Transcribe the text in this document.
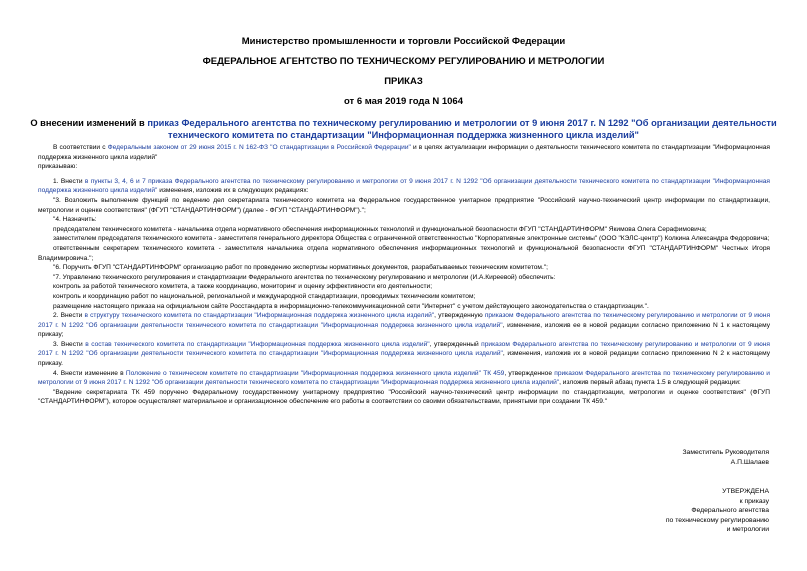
Министерство промышленности и торговли Российской Федерации
ФЕДЕРАЛЬНОЕ АГЕНТСТВО ПО ТЕХНИЧЕСКОМУ РЕГУЛИРОВАНИЮ И МЕТРОЛОГИИ
ПРИКАЗ
от 6 мая 2019 года N 1064
О внесении изменений в приказ Федерального агентства по техническому регулированию и метрологии от 9 июня 2017 г. N 1292 "Об организации деятельности технического комитета по стандартизации "Информационная поддержка жизненного цикла изделий"

В соответствии с Федеральным законом от 29 июня 2015 г. N 162-ФЗ "О стандартизации в Российской Федерации" и в целях актуализации информации о деятельности технического комитета по стандартизации "Информационная поддержка жизненного цикла изделий"

приказываю:

1. Внести в пункты 3, 4, 6 и 7 приказа Федерального агентства по техническому регулированию и метрологии от 9 июня 2017 г. N 1292 "Об организации деятельности технического комитета по стандартизации "Информационная поддержка жизненного цикла изделий" изменения, изложив их в следующих редакциях:

"3. Возложить выполнение функций по ведению дел секретариата технического комитета на Федеральное государственное унитарное предприятие "Российский научно-технический центр информации по стандартизации, метрологии и оценке соответствия" (ФГУП "СТАНДАРТИНФОРМ") (далее - ФГУП "СТАНДАРТИНФОРМ").";

"4. Назначить:

председателем технического комитета - начальника отдела нормативного обеспечения информационных технологий и функциональной безопасности ФГУП "СТАНДАРТИНФОРМ" Якимова Олега Серафимовича;

заместителем председателя технического комитета - заместителя генерального директора Общества с ограниченной ответственностью "Корпоративные электронные системы" (ООО "КЭЛС-центр") Колкина Александра Федоровича;

ответственным секретарем технического комитета - заместителя начальника отдела нормативного обеспечения информационных технологий и функциональной безопасности ФГУП "СТАНДАРТИНФОРМ" Честных Игоря Владимировича.";

"6. Поручить ФГУП "СТАНДАРТИНФОРМ" организацию работ по проведению экспертизы нормативных документов, разрабатываемых техническим комитетом.";

"7. Управлению технического регулирования и стандартизации Федерального агентства по техническому регулированию и метрологии (И.А.Киреевой) обеспечить:

контроль за работой технического комитета, а также координацию, мониторинг и оценку эффективности его деятельности;

контроль и координацию работ по национальной, региональной и международной стандартизации, проводимых техническим комитетом;

размещение настоящего приказа на официальном сайте Росстандарта в информационно-телекоммуникационной сети "Интернет" с учетом действующего законодательства о стандартизации.".

2. Внести в структуру технического комитета по стандартизации "Информационная поддержка жизненного цикла изделий", утвержденную приказом Федерального агентства по техническому регулированию и метрологии от 9 июня 2017 г. N 1292 "Об организации деятельности технического комитета по стандартизации "Информационная поддержка жизненного цикла изделий", изменение, изложив ее в новой редакции согласно приложению N 1 к настоящему приказу;

3. Внести в состав технического комитета по стандартизации "Информационная поддержка жизненного цикла изделий", утвержденный приказом Федерального агентства по техническому регулированию и метрологии от 9 июня 2017 г. N 1292 "Об организации деятельности технического комитета по стандартизации "Информационная поддержка жизненного цикла изделий", изменения, изложив их в новой редакции согласно приложению N 2 к настоящему приказу.

4. Внести изменение в Положение о техническом комитете по стандартизации "Информационная поддержка жизненного цикла изделий" ТК 459, утвержденное приказом Федерального агентства по техническому регулированию и метрологии от 9 июня 2017 г. N 1292 "Об организации деятельности технического комитета по стандартизации "Информационная поддержка жизненного цикла изделий", изложив первый абзац пункта 1.5 в следующей редакции:

"Ведение секретариата ТК 459 поручено Федеральному государственному унитарному предприятию "Российский научно-технический центр информации по стандартизации, метрологии и оценке соответствия" (ФГУП "СТАНДАРТИНФОРМ"), которое осуществляет материальное и организационное обеспечение его работы в соответствии со своими обязательствами, принятыми при создании ТК 459."

Заместитель Руководителя
А.П.Шалаев
УТВЕРЖДЕНА
к приказу
Федерального агентства
по техническому регулированию
и метрологии
